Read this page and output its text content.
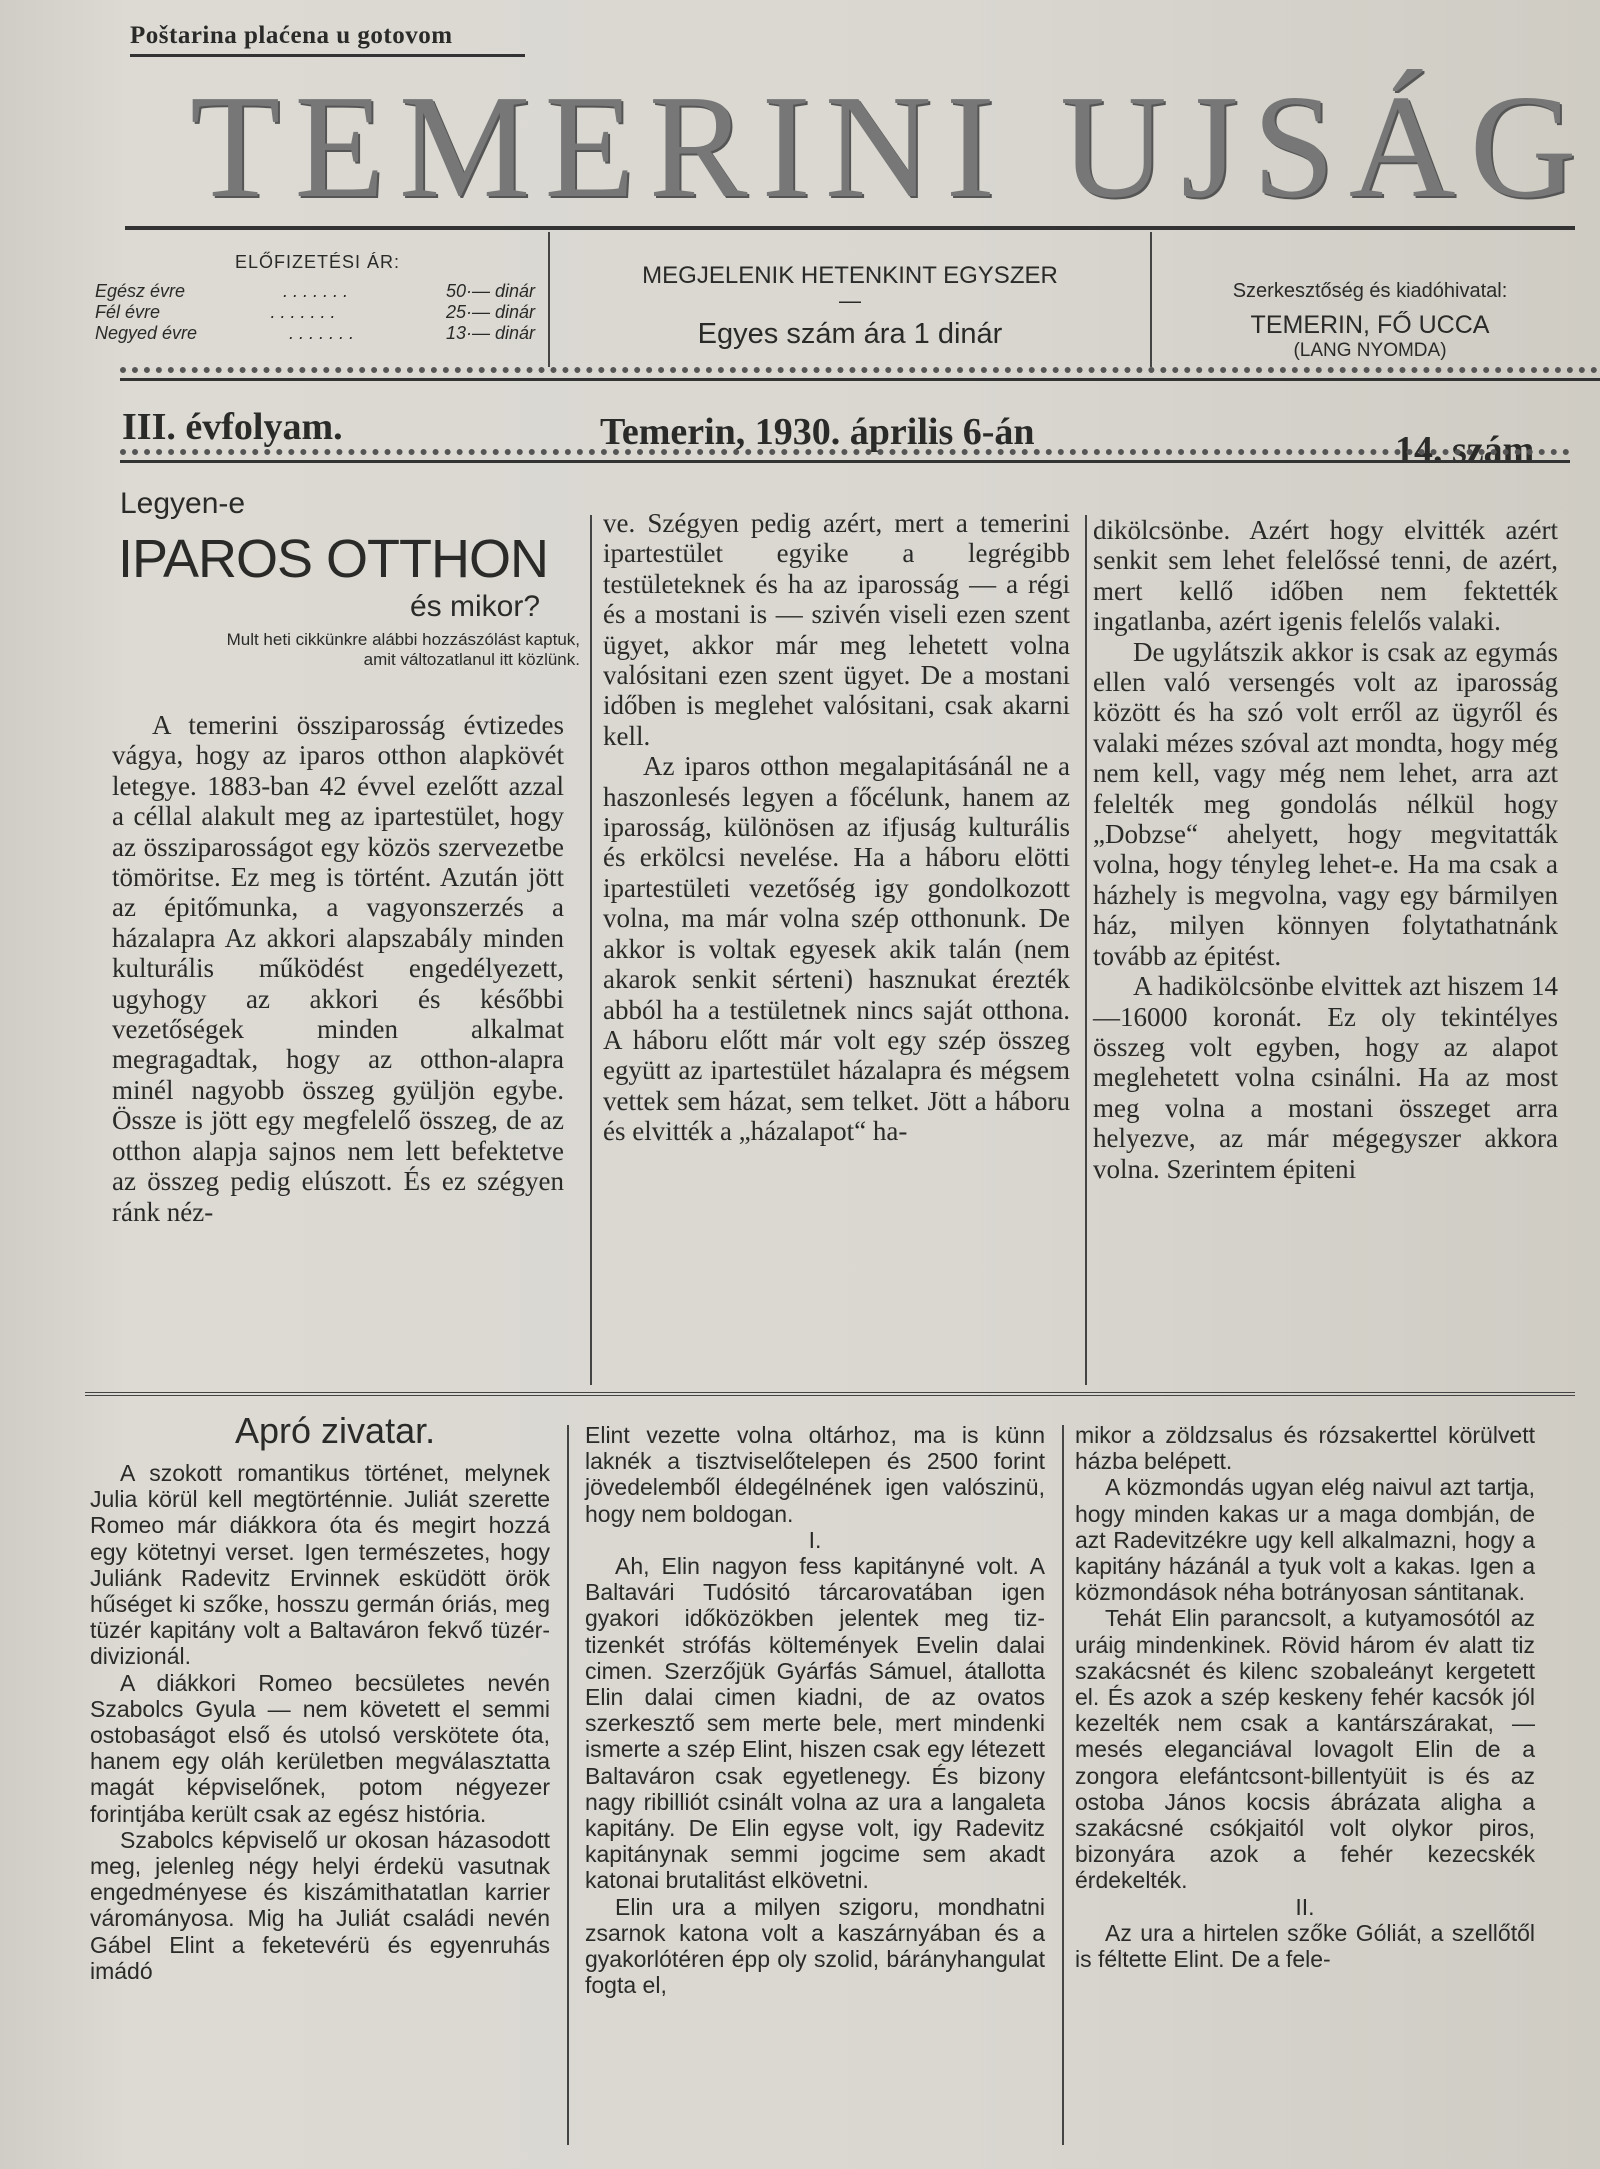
Poštarina plaćena u gotovom
TEMERINI UJSÁG
ELŐFIZETÉSI ÁR:
Egész évre	. . . . . . .	50·— dinár
Fél évre	. . . . . . .	25·— dinár
Negyed évre	. . . . . . .	13·— dinár
MEGJELENIK HETENKINT EGYSZER
—
Egyes szám ára 1 dinár
Szerkesztőség és kiadóhivatal:
TEMERIN, FŐ UCCA
(LANG NYOMDA)
III. évfolyam.	Temerin, 1930. április 6-án	14. szám
Legyen-e
IPAROS OTTHON
és mikor?
Mult heti cikkünkre alábbi hozzászólást kaptuk, amit változatlanul itt közlünk.

A temerini össziparosság évtizedes vágya, hogy az iparos otthon alapkövét letegye. 1883-ban 42 évvel ezelőtt azzal a céllal alakult meg az ipartestület, hogy az össziparosságot egy közös szervezetbe tömöritse. Ez meg is történt. Azután jött az épitőmunka, a vagyonszerzés a házalapra Az akkori alapszabály minden kulturális működést engedélyezett, ugyhogy az akkori és későbbi vezetőségek minden alkalmat megragadtak, hogy az otthon-alapra minél nagyobb összeg gyüljön egybe. Össze is jött egy megfelelő összeg, de az otthon alapja sajnos nem lett befektetve az összeg pedig elúszott. És ez szégyen ránk néz-

ve. Szégyen pedig azért, mert a temerini ipartestület egyike a legrégibb testületeknek és ha az iparosság — a régi és a mostani is — szivén viseli ezen szent ügyet, akkor már meg lehetett volna valósitani ezen szent ügyet. De a mostani időben is meglehet valósitani, csak akarni kell.

Az iparos otthon megalapitásánál ne a haszonlesés legyen a főcélunk, hanem az iparosság, különösen az ifjuság kulturális és erkölcsi nevelése. Ha a háboru elötti ipartestületi vezetőség igy gondolkozott volna, ma már volna szép otthonunk. De akkor is voltak egyesek akik talán (nem akarok senkit sérteni) hasznukat érezték abból ha a testületnek nincs saját otthona. A háboru előtt már volt egy szép összeg együtt az ipartestület házalapra és mégsem vettek sem házat, sem telket. Jött a háboru és elvitték a „házalapot“ ha-

dikölcsönbe. Azért hogy elvitték azért senkit sem lehet felelőssé tenni, de azért, mert kellő időben nem fektették ingatlanba, azért igenis felelős valaki.

De ugylátszik akkor is csak az egymás ellen való versengés volt az iparosság között és ha szó volt erről az ügyről és valaki mézes szóval azt mondta, hogy még nem kell, vagy még nem lehet, arra azt felelték meg gondolás nélkül hogy „Dobzse“ ahelyett, hogy megvitatták volna, hogy tényleg lehet-e. Ha ma csak a házhely is megvolna, vagy egy bármilyen ház, milyen könnyen folytathatnánk tovább az épitést.

A hadikölcsönbe elvittek azt hiszem 14—16000 koronát. Ez oly tekintélyes összeg volt egyben, hogy az alapot meglehetett volna csinálni. Ha az most meg volna a mostani összeget arra helyezve, az már mégegyszer akkora volna. Szerintem épiteni

Apró zivatar.

A szokott romantikus történet, melynek Julia körül kell megtörténnie. Juliát szerette Romeo már diákkora óta és megirt hozzá egy kötetnyi verset. Igen természetes, hogy Juliánk Radevitz Ervinnek esküdött örök hűséget ki szőke, hosszu germán óriás, meg tüzér kapitány volt a Baltaváron fekvő tüzér-divizionál.

A diákkori Romeo becsületes nevén Szabolcs Gyula — nem követett el semmi ostobaságot első és utolsó verskötete óta, hanem egy oláh kerületben megválasztatta magát képviselőnek, potom négyezer forintjába került csak az egész história.

Szabolcs képviselő ur okosan házasodott meg, jelenleg négy helyi érdekü vasutnak engedményese és kiszámithatatlan karrier várományosa. Mig ha Juliát családi nevén Gábel Elint a feketevérü és egyenruhás imádó

Elint vezette volna oltárhoz, ma is künn laknék a tisztviselőtelepen és 2500 forint jövedelemből éldegélnének igen valószinü, hogy nem boldogan.

I.

Ah, Elin nagyon fess kapitányné volt. A Baltavári Tudósitó tárcarovatában igen gyakori időközökben jelentek meg tiz-tizenkét strófás költemények Evelin dalai cimen. Szerzőjük Gyárfás Sámuel, átallotta Elin dalai cimen kiadni, de az ovatos szerkesztő sem merte bele, mert mindenki ismerte a szép Elint, hiszen csak egy létezett Baltaváron csak egyetlenegy. És bizony nagy ribilliót csinált volna az ura a langaleta kapitány. De Elin egyse volt, igy Radevitz kapitánynak semmi jogcime sem akadt katonai brutalitást elkövetni.

Elin ura a milyen szigoru, mondhatni zsarnok katona volt a kaszárnyában és a gyakorlótéren épp oly szolid, bárányhangulat fogta el,

mikor a zöldzsalus és rózsakerttel körülvett házba belépett.

A közmondás ugyan elég naivul azt tartja, hogy minden kakas ur a maga dombján, de azt Radevitzékre ugy kell alkalmazni, hogy a kapitány házánál a tyuk volt a kakas. Igen a közmondások néha botrányosan sántitanak.

Tehát Elin parancsolt, a kutyamosótól az uráig mindenkinek. Rövid három év alatt tiz szakácsnét és kilenc szobaleányt kergetett el. És azok a szép keskeny fehér kacsók jól kezelték nem csak a kantárszárakat, — mesés eleganciával lovagolt Elin de a zongora elefántcsont-billentyüit is és az ostoba János kocsis ábrázata aligha a szakácsné csókjaitól volt olykor piros, bizonyára azok a fehér kezecskék érdekelték.

II.

Az ura a hirtelen szőke Góliát, a szellőtől is féltette Elint. De a fele-
